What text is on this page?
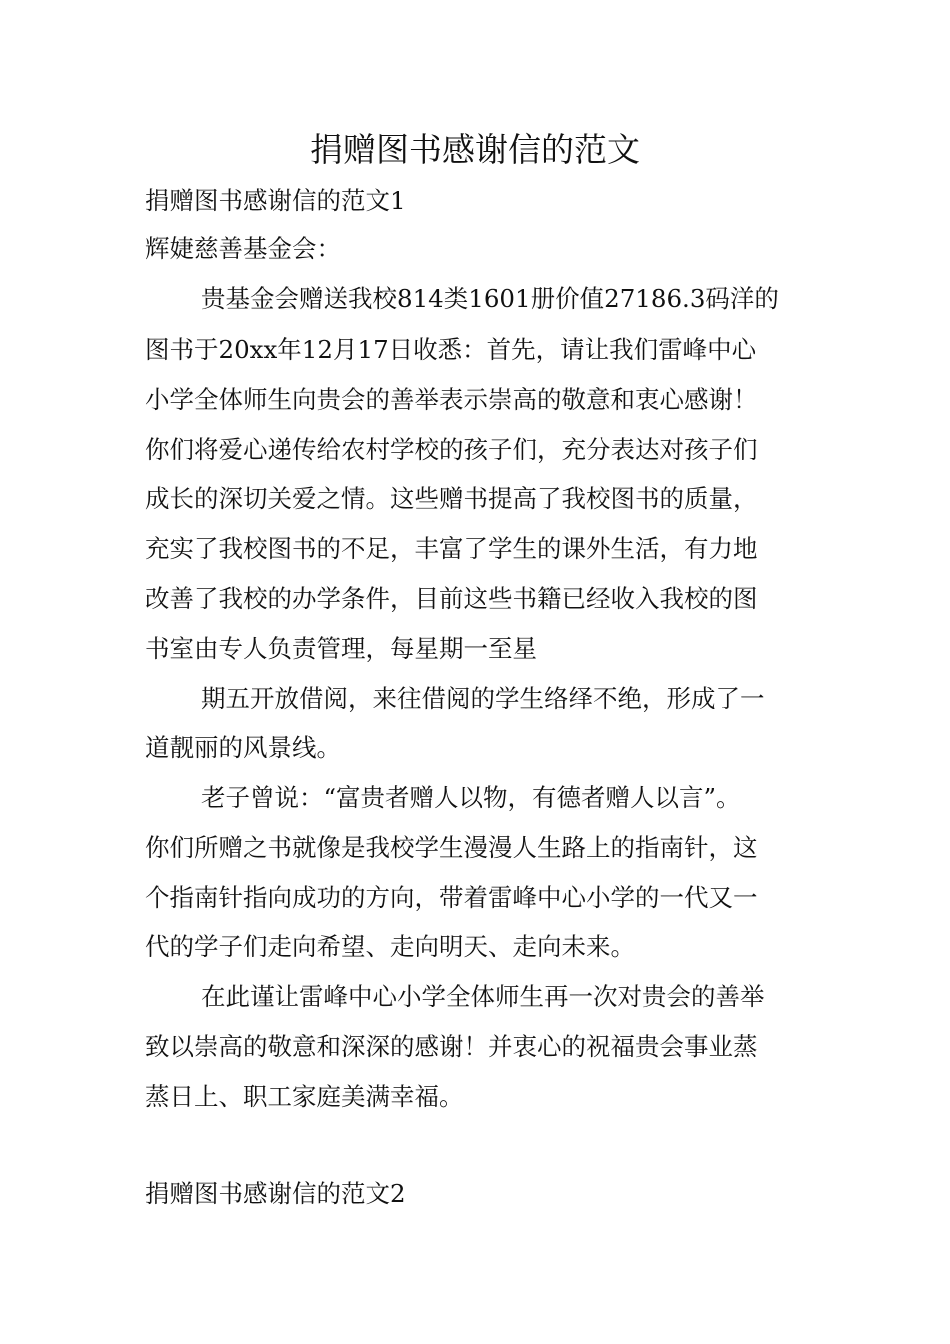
捐赠图书感谢信的范文

捐赠图书感谢信的范文1

辉婕慈善基金会：

贵基金会赠送我校814类1601册价值27186.3码洋的

图书于20xx年12月17日收悉：首先，请让我们雷峰中心

小学全体师生向贵会的善举表示崇高的敬意和衷心感谢！

你们将爱心递传给农村学校的孩子们，充分表达对孩子们

成长的深切关爱之情。这些赠书提高了我校图书的质量，

充实了我校图书的不足，丰富了学生的课外生活，有力地

改善了我校的办学条件，目前这些书籍已经收入我校的图

书室由专人负责管理，每星期一至星

期五开放借阅，来往借阅的学生络绎不绝，形成了一

道靓丽的风景线。

老子曾说：“富贵者赠人以物，有德者赠人以言”。

你们所赠之书就像是我校学生漫漫人生路上的指南针，这

个指南针指向成功的方向，带着雷峰中心小学的一代又一

代的学子们走向希望、走向明天、走向未来。

在此谨让雷峰中心小学全体师生再一次对贵会的善举

致以崇高的敬意和深深的感谢！并衷心的祝福贵会事业蒸

蒸日上、职工家庭美满幸福。

捐赠图书感谢信的范文2
